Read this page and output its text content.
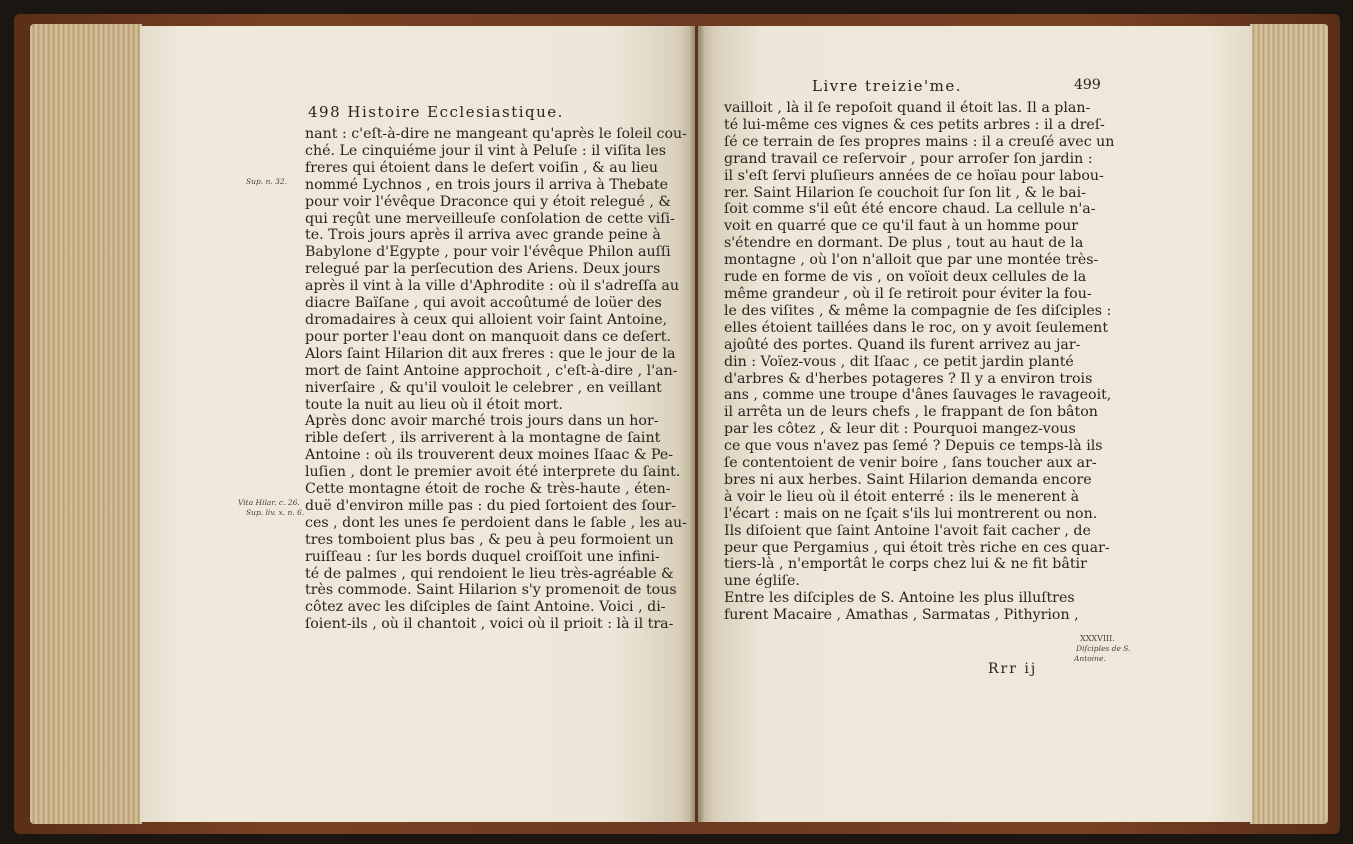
498 Histoire Ecclesiastique.
Livre treizie'me.	499
nant : c'eſt-à-dire ne mangeant qu'après le ſoleil cou-
ché. Le cinquiéme jour il vint à Peluſe : il viſita les
freres qui étoient dans le deſert voiſin , & au lieu
nommé Lychnos , en trois jours il arriva à Thebate
pour voir l'évêque Draconce qui y étoit relegué , &
qui reçût une merveilleuſe conſolation de cette viſi-
te. Trois jours après il arriva avec grande peine à
Babylone d'Egypte , pour voir l'évêque Philon auſſi
relegué par la perſecution des Ariens. Deux jours
après il vint à la ville d'Aphrodite : où il s'adreſſa au
diacre Baïſane , qui avoit accoûtumé de loüer des
dromadaires à ceux qui alloient voir ſaint Antoine,
pour porter l'eau dont on manquoit dans ce deſert.
Alors ſaint Hilarion dit aux freres : que le jour de la
mort de ſaint Antoine approchoit , c'eſt-à-dire , l'an-
niverſaire , & qu'il vouloit le celebrer , en veillant
toute la nuit au lieu où il étoit mort.
Après donc avoir marché trois jours dans un hor-
rible deſert , ils arriverent à la montagne de ſaint
Antoine : où ils trouverent deux moines Iſaac & Pe-
luſien , dont le premier avoit été interprete du ſaint.
Cette montagne étoit de roche & très-haute , éten-
duë d'environ mille pas : du pied ſortoient des ſour-
ces , dont les unes ſe perdoient dans le ſable , les au-
tres tomboient plus bas , & peu à peu formoient un
ruiſſeau : ſur les bords duquel croiſſoit une infini-
té de palmes , qui rendoient le lieu très-agréable &
très commode. Saint Hilarion s'y promenoit de tous
côtez avec les diſciples de ſaint Antoine. Voici , di-
ſoient-ils , où il chantoit , voici où il prioit : là il tra-
vailloit , là il ſe repoſoit quand il étoit las. Il a plan-
té lui-même ces vignes & ces petits arbres : il a dreſ-
ſé ce terrain de ſes propres mains : il a creuſé avec un
grand travail ce reſervoir , pour arroſer ſon jardin :
il s'eſt ſervi pluſieurs années de ce hoïau pour labou-
rer. Saint Hilarion ſe couchoit ſur ſon lit , & le bai-
ſoit comme s'il eût été encore chaud. La cellule n'a-
voit en quarré que ce qu'il faut à un homme pour
s'étendre en dormant. De plus , tout au haut de la
montagne , où l'on n'alloit que par une montée très-
rude en forme de vis , on voïoit deux cellules de la
même grandeur , où il ſe retiroit pour éviter la fou-
le des viſites , & même la compagnie de ſes diſciples :
elles étoient taillées dans le roc, on y avoit ſeulement
ajoûté des portes. Quand ils furent arrivez au jar-
din : Voïez-vous , dit Iſaac , ce petit jardin planté
d'arbres & d'herbes potageres ? Il y a environ trois
ans , comme une troupe d'ânes ſauvages le ravageoit,
il arrêta un de leurs chefs , le frappant de ſon bâton
par les côtez , & leur dit : Pourquoi mangez-vous
ce que vous n'avez pas ſemé ? Depuis ce temps-là ils
ſe contentoient de venir boire , ſans toucher aux ar-
bres ni aux herbes. Saint Hilarion demanda encore
à voir le lieu où il étoit enterré : ils le menerent à
l'écart : mais on ne ſçait s'ils lui montrerent ou non.
Ils diſoient que ſaint Antoine l'avoit fait cacher , de
peur que Pergamius , qui étoit très riche en ces quar-
tiers-là , n'emportât le corps chez lui & ne fit bâtir
une égliſe.
Entre les diſciples de S. Antoine les plus illuſtres
furent Macaire , Amathas , Sarmatas , Pithyrion ,
Sup. n. 32.
Vita Hilar. c. 26.
Sup. liv. x. n. 6.
XXXVIII.
Diſciples de S.
Antoine.
Rrr ij
